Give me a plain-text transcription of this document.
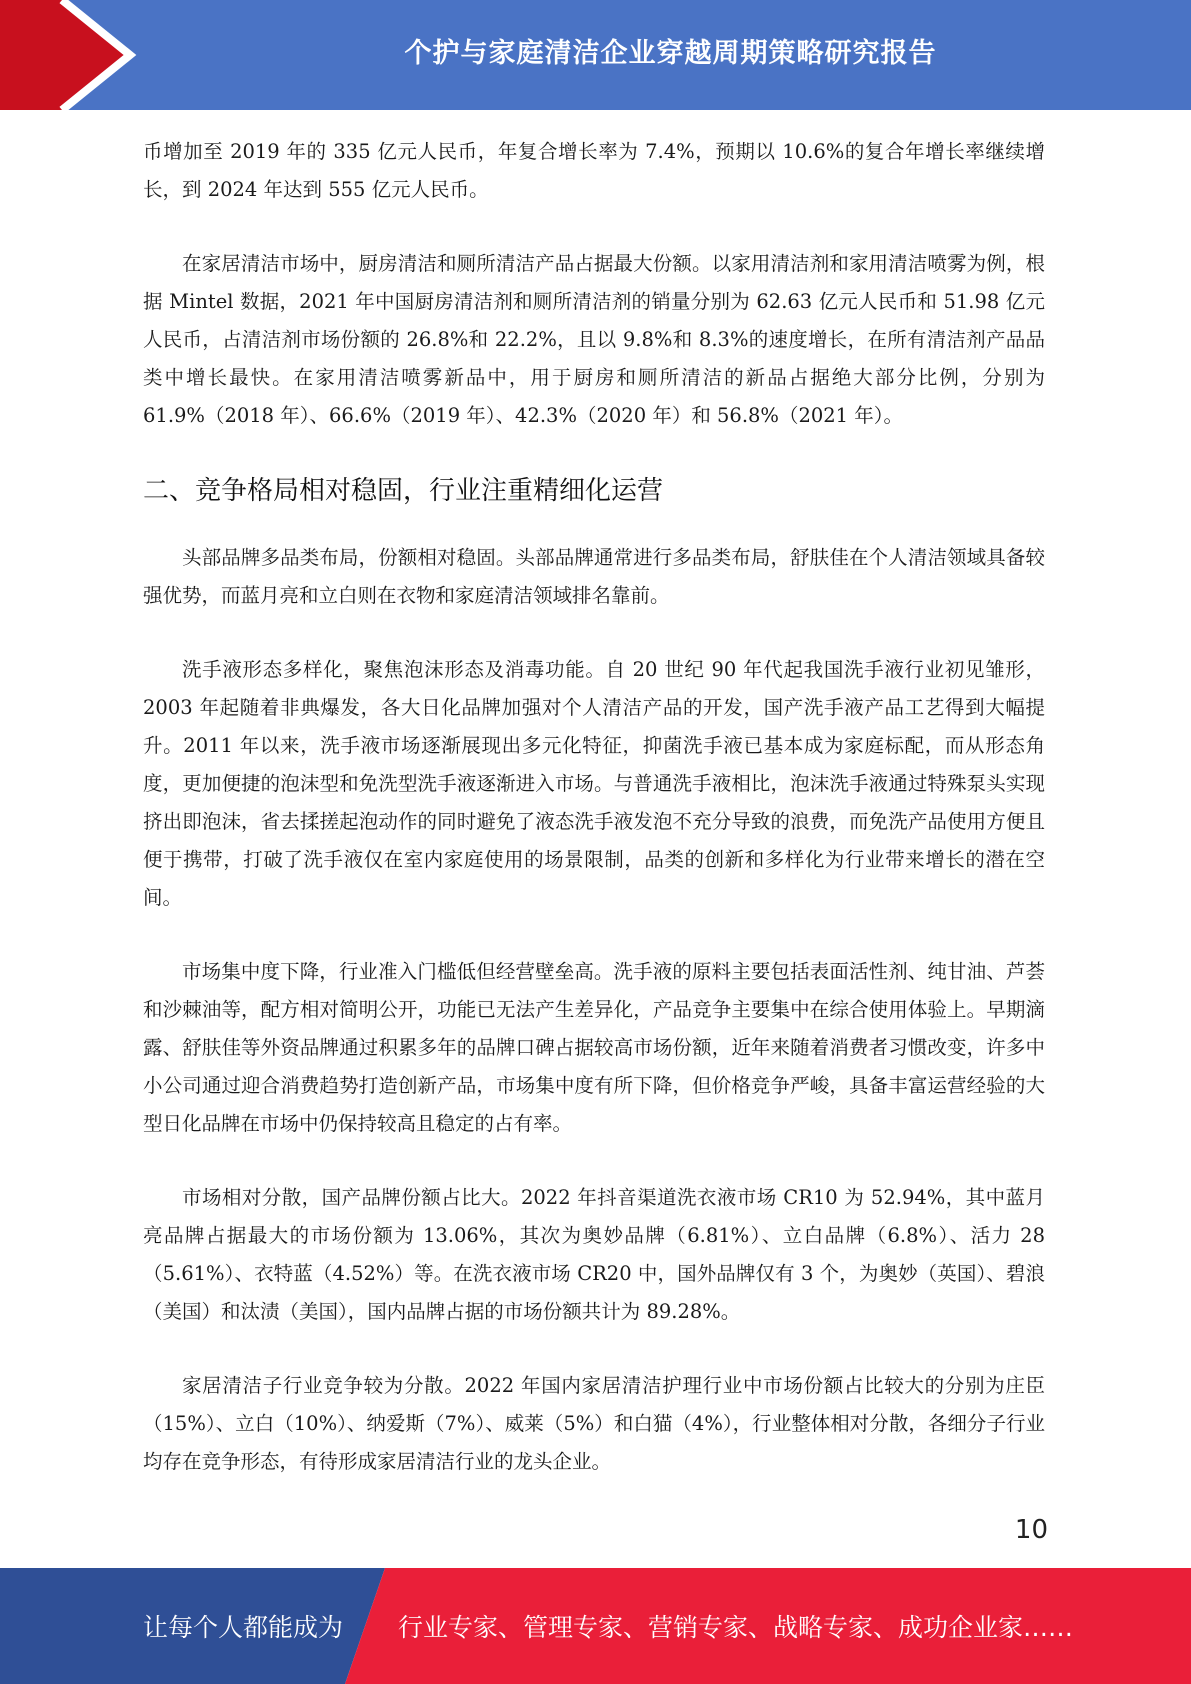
个护与家庭清洁企业穿越周期策略研究报告

币增加至 2019 年的 335 亿元人民币，年复合增长率为 7.4%，预期以 10.6%的复合年增长率继续增长，到 2024 年达到 555 亿元人民币。

在家居清洁市场中，厨房清洁和厕所清洁产品占据最大份额。以家用清洁剂和家用清洁喷雾为例，根据 Mintel 数据，2021 年中国厨房清洁剂和厕所清洁剂的销量分别为 62.63 亿元人民币和 51.98 亿元人民币，占清洁剂市场份额的 26.8%和 22.2%，且以 9.8%和 8.3%的速度增长，在所有清洁剂产品品类中增长最快。在家用清洁喷雾新品中，用于厨房和厕所清洁的新品占据绝大部分比例，分别为 61.9%（2018 年）、66.6%（2019 年）、42.3%（2020 年）和 56.8%（2021 年）。

二、竞争格局相对稳固，行业注重精细化运营

头部品牌多品类布局，份额相对稳固。头部品牌通常进行多品类布局，舒肤佳在个人清洁领域具备较强优势，而蓝月亮和立白则在衣物和家庭清洁领域排名靠前。

洗手液形态多样化，聚焦泡沫形态及消毒功能。自 20 世纪 90 年代起我国洗手液行业初见雏形，2003 年起随着非典爆发，各大日化品牌加强对个人清洁产品的开发，国产洗手液产品工艺得到大幅提升。2011 年以来，洗手液市场逐渐展现出多元化特征，抑菌洗手液已基本成为家庭标配，而从形态角度，更加便捷的泡沫型和免洗型洗手液逐渐进入市场。与普通洗手液相比，泡沫洗手液通过特殊泵头实现挤出即泡沫，省去揉搓起泡动作的同时避免了液态洗手液发泡不充分导致的浪费，而免洗产品使用方便且便于携带，打破了洗手液仅在室内家庭使用的场景限制，品类的创新和多样化为行业带来增长的潜在空间。

市场集中度下降，行业准入门槛低但经营壁垒高。洗手液的原料主要包括表面活性剂、纯甘油、芦荟和沙棘油等，配方相对简明公开，功能已无法产生差异化，产品竞争主要集中在综合使用体验上。早期滴露、舒肤佳等外资品牌通过积累多年的品牌口碑占据较高市场份额，近年来随着消费者习惯改变，许多中小公司通过迎合消费趋势打造创新产品，市场集中度有所下降，但价格竞争严峻，具备丰富运营经验的大型日化品牌在市场中仍保持较高且稳定的占有率。

市场相对分散，国产品牌份额占比大。2022 年抖音渠道洗衣液市场 CR10 为 52.94%，其中蓝月亮品牌占据最大的市场份额为 13.06%，其次为奥妙品牌（6.81%）、立白品牌（6.8%）、活力 28（5.61%）、衣特蓝（4.52%）等。在洗衣液市场 CR20 中，国外品牌仅有 3 个，为奥妙（英国）、碧浪（美国）和汰渍（美国），国内品牌占据的市场份额共计为 89.28%。

家居清洁子行业竞争较为分散。2022 年国内家居清洁护理行业中市场份额占比较大的分别为庄臣（15%）、立白（10%）、纳爱斯（7%）、威莱（5%）和白猫（4%），行业整体相对分散，各细分子行业均存在竞争形态，有待形成家居清洁行业的龙头企业。

10
让每个人都能成为 行业专家、管理专家、营销专家、战略专家、成功企业家……
